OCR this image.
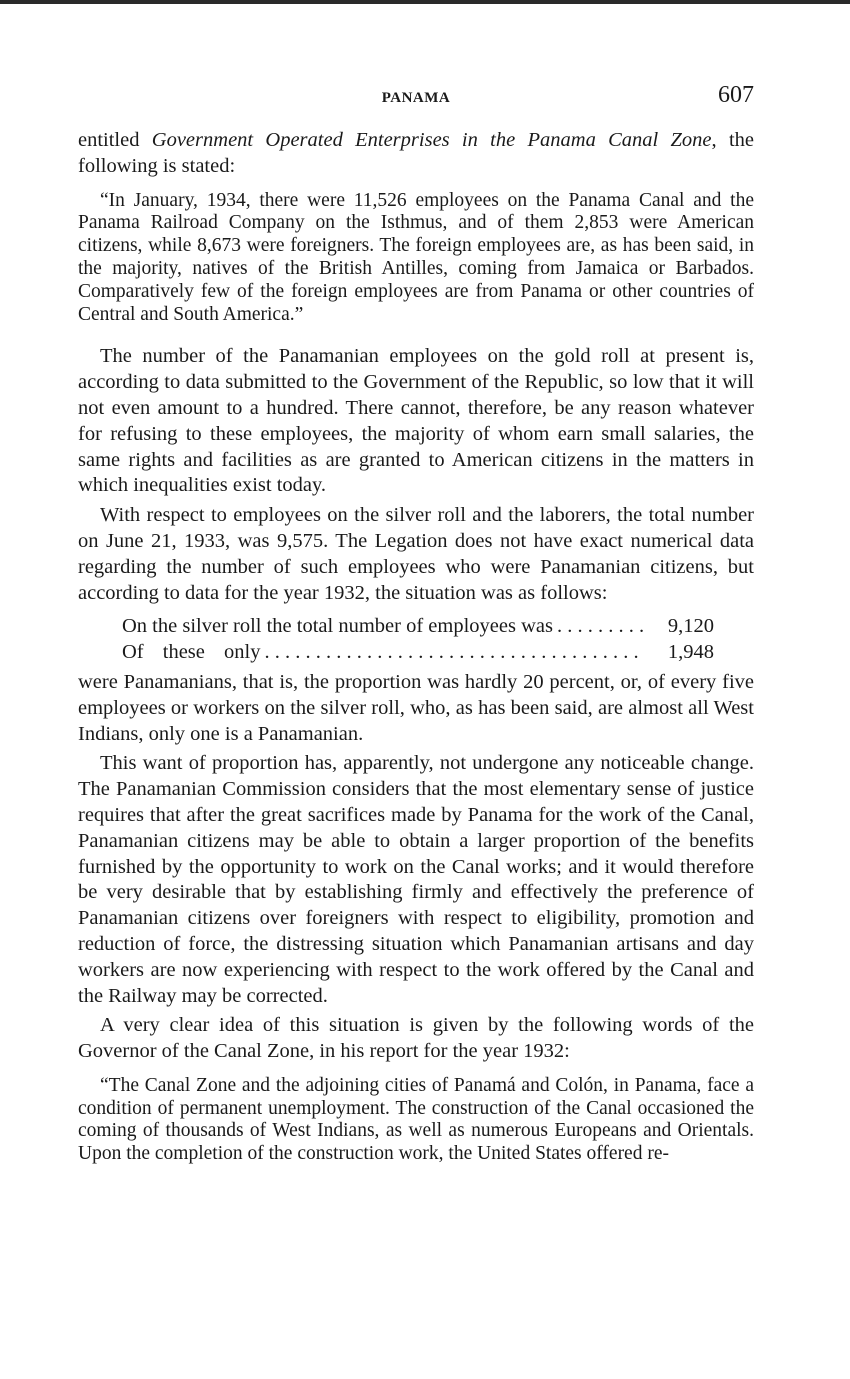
PANAMA	607

entitled Government Operated Enterprises in the Panama Canal Zone, the following is stated:

“In January, 1934, there were 11,526 employees on the Panama Canal and the Panama Railroad Company on the Isthmus, and of them 2,853 were American citizens, while 8,673 were foreigners. The foreign employees are, as has been said, in the majority, natives of the British Antilles, coming from Jamaica or Barbados. Comparatively few of the foreign employees are from Panama or other countries of Central and South America.”

The number of the Panamanian employees on the gold roll at present is, according to data submitted to the Government of the Republic, so low that it will not even amount to a hundred. There cannot, therefore, be any reason whatever for refusing to these employees, the majority of whom earn small salaries, the same rights and facilities as are granted to American citizens in the matters in which inequalities exist today.

With respect to employees on the silver roll and the laborers, the total number on June 21, 1933, was 9,575. The Legation does not have exact numerical data regarding the number of such employees who were Panamanian citizens, but according to data for the year 1932, the situation was as follows:

On the silver roll the total number of employees was . . .	9,120
Of these only . . .	1,948

were Panamanians, that is, the proportion was hardly 20 percent, or, of every five employees or workers on the silver roll, who, as has been said, are almost all West Indians, only one is a Panamanian.

This want of proportion has, apparently, not undergone any noticeable change. The Panamanian Commission considers that the most elementary sense of justice requires that after the great sacrifices made by Panama for the work of the Canal, Panamanian citizens may be able to obtain a larger proportion of the benefits furnished by the opportunity to work on the Canal works; and it would therefore be very desirable that by establishing firmly and effectively the preference of Panamanian citizens over foreigners with respect to eligibility, promotion and reduction of force, the distressing situation which Panamanian artisans and day workers are now experiencing with respect to the work offered by the Canal and the Railway may be corrected.

A very clear idea of this situation is given by the following words of the Governor of the Canal Zone, in his report for the year 1932:

“The Canal Zone and the adjoining cities of Panamá and Colón, in Panama, face a condition of permanent unemployment. The construction of the Canal occasioned the coming of thousands of West Indians, as well as numerous Europeans and Orientals. Upon the completion of the construction work, the United States offered re-
